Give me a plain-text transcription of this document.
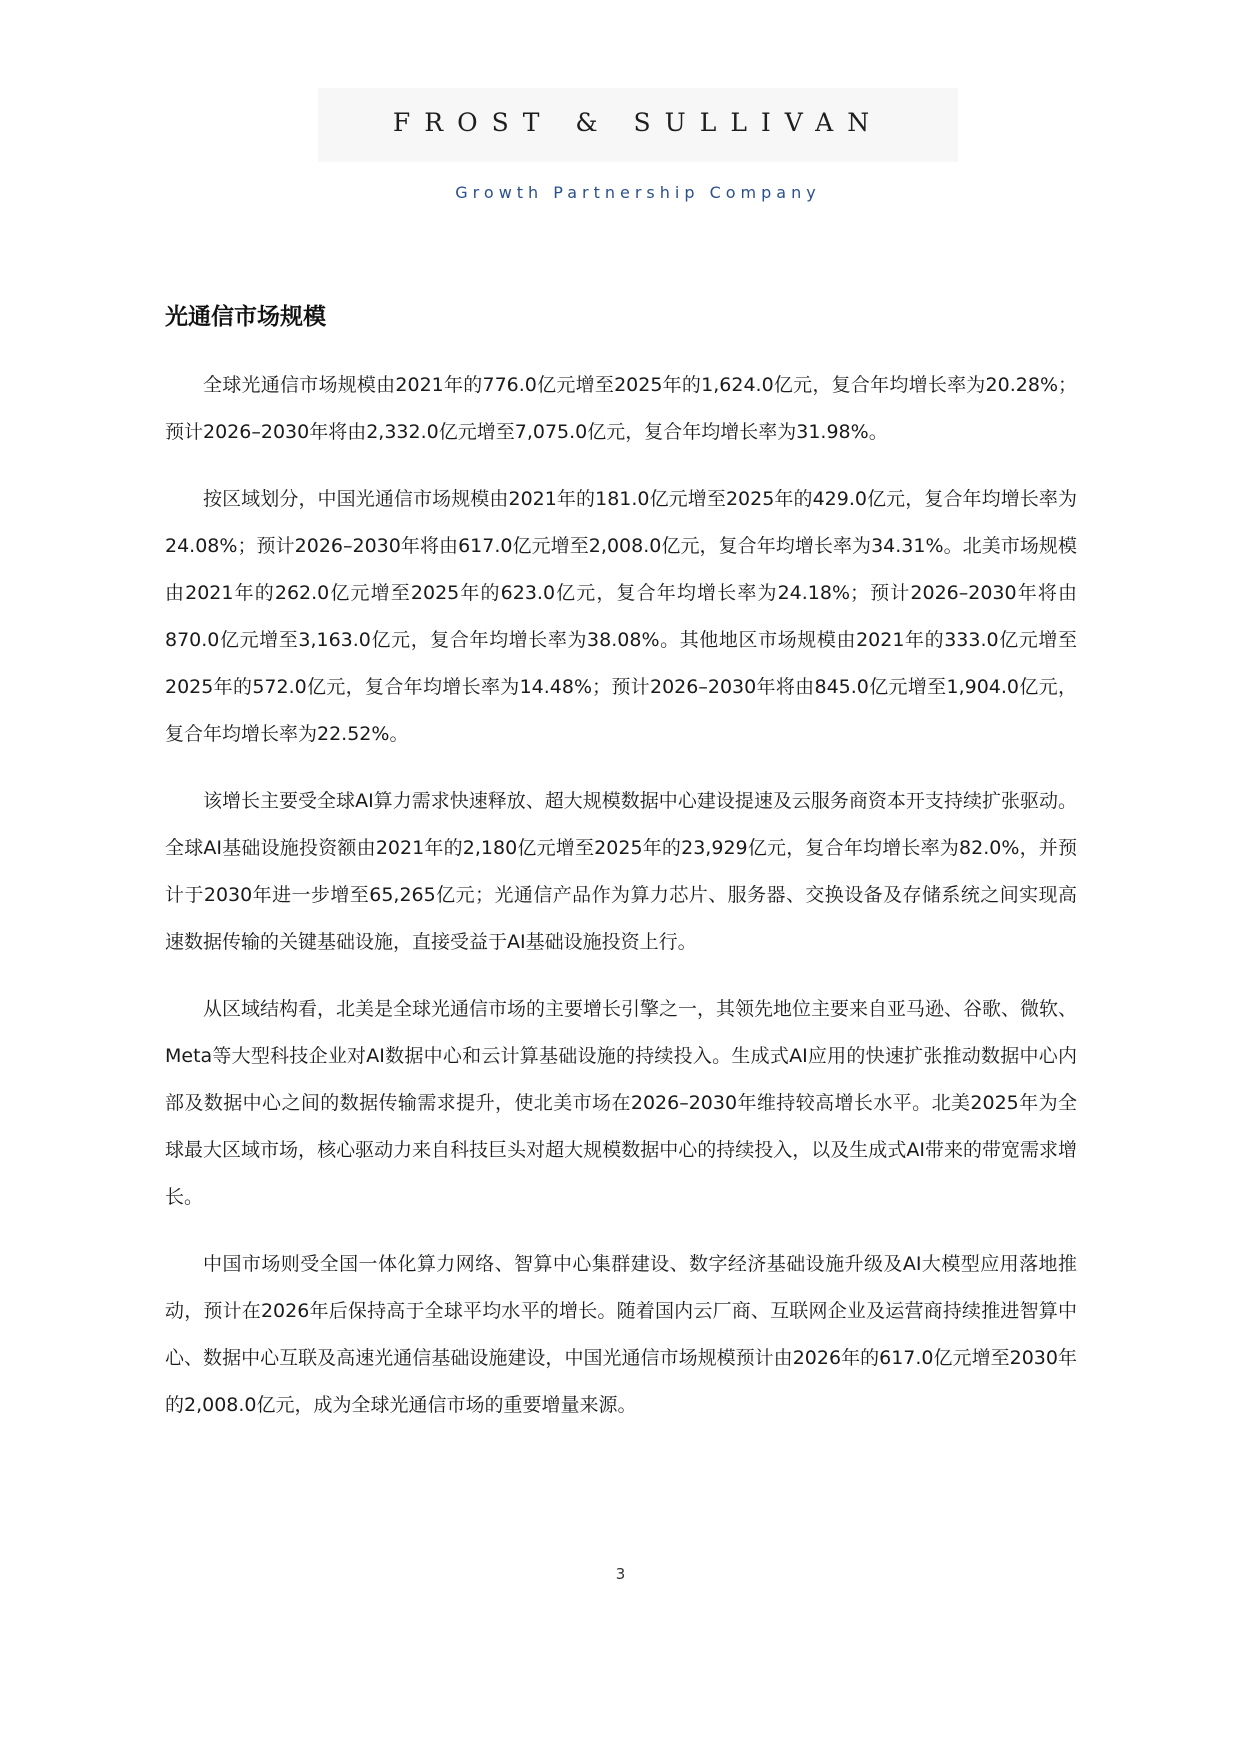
FROST & SULLIVAN
Growth Partnership Company
光通信市场规模

全球光通信市场规模由2021年的776.0亿元增至2025年的1,624.0亿元，复合年均增长率为20.28%；预计2026–2030年将由2,332.0亿元增至7,075.0亿元，复合年均增长率为31.98%。

按区域划分，中国光通信市场规模由2021年的181.0亿元增至2025年的429.0亿元，复合年均增长率为24.08%；预计2026–2030年将由617.0亿元增至2,008.0亿元，复合年均增长率为34.31%。北美市场规模由2021年的262.0亿元增至2025年的623.0亿元，复合年均增长率为24.18%；预计2026–2030年将由870.0亿元增至3,163.0亿元，复合年均增长率为38.08%。其他地区市场规模由2021年的333.0亿元增至2025年的572.0亿元，复合年均增长率为14.48%；预计2026–2030年将由845.0亿元增至1,904.0亿元，复合年均增长率为22.52%。

该增长主要受全球AI算力需求快速释放、超大规模数据中心建设提速及云服务商资本开支持续扩张驱动。全球AI基础设施投资额由2021年的2,180亿元增至2025年的23,929亿元，复合年均增长率为82.0%，并预计于2030年进一步增至65,265亿元；光通信产品作为算力芯片、服务器、交换设备及存储系统之间实现高速数据传输的关键基础设施，直接受益于AI基础设施投资上行。

从区域结构看，北美是全球光通信市场的主要增长引擎之一，其领先地位主要来自亚马逊、谷歌、微软、Meta等大型科技企业对AI数据中心和云计算基础设施的持续投入。生成式AI应用的快速扩张推动数据中心内部及数据中心之间的数据传输需求提升，使北美市场在2026–2030年维持较高增长水平。北美2025年为全球最大区域市场，核心驱动力来自科技巨头对超大规模数据中心的持续投入，以及生成式AI带来的带宽需求增长。

中国市场则受全国一体化算力网络、智算中心集群建设、数字经济基础设施升级及AI大模型应用落地推动，预计在2026年后保持高于全球平均水平的增长。随着国内云厂商、互联网企业及运营商持续推进智算中心、数据中心互联及高速光通信基础设施建设，中国光通信市场规模预计由2026年的617.0亿元增至2030年的2,008.0亿元，成为全球光通信市场的重要增量来源。

3
